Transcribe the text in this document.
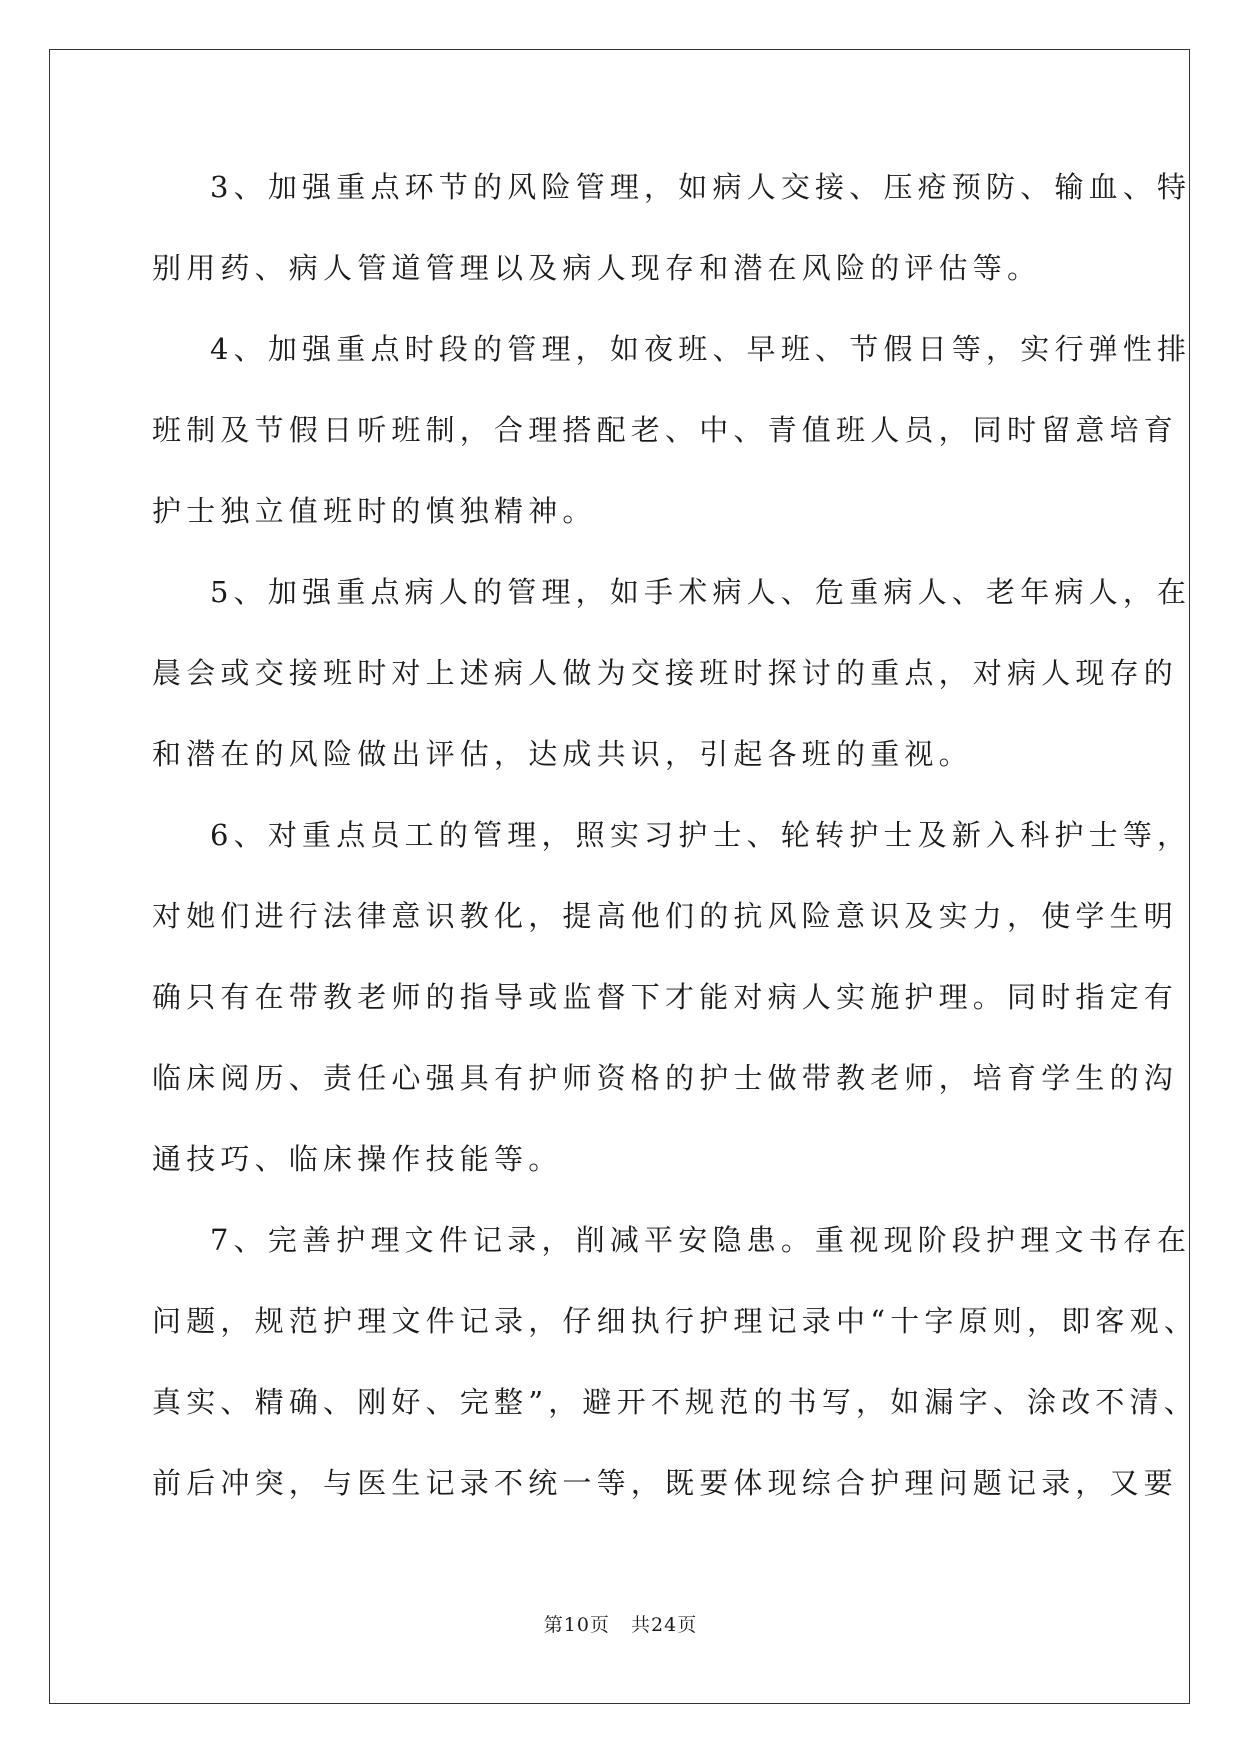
3、加强重点环节的风险管理，如病人交接、压疮预防、输血、特
别用药、病人管道管理以及病人现存和潜在风险的评估等。
4、加强重点时段的管理，如夜班、早班、节假日等，实行弹性排
班制及节假日听班制，合理搭配老、中、青值班人员，同时留意培育
护士独立值班时的慎独精神。
5、加强重点病人的管理，如手术病人、危重病人、老年病人，在
晨会或交接班时对上述病人做为交接班时探讨的重点，对病人现存的
和潜在的风险做出评估，达成共识，引起各班的重视。
6、对重点员工的管理，照实习护士、轮转护士及新入科护士等，
对她们进行法律意识教化，提高他们的抗风险意识及实力，使学生明
确只有在带教老师的指导或监督下才能对病人实施护理。同时指定有
临床阅历、责任心强具有护师资格的护士做带教老师，培育学生的沟
通技巧、临床操作技能等。
7、完善护理文件记录，削减平安隐患。重视现阶段护理文书存在
问题，规范护理文件记录，仔细执行护理记录中“十字原则，即客观、
真实、精确、刚好、完整”，避开不规范的书写，如漏字、涂改不清、
前后冲突，与医生记录不统一等，既要体现综合护理问题记录，又要
第10页   共24页
